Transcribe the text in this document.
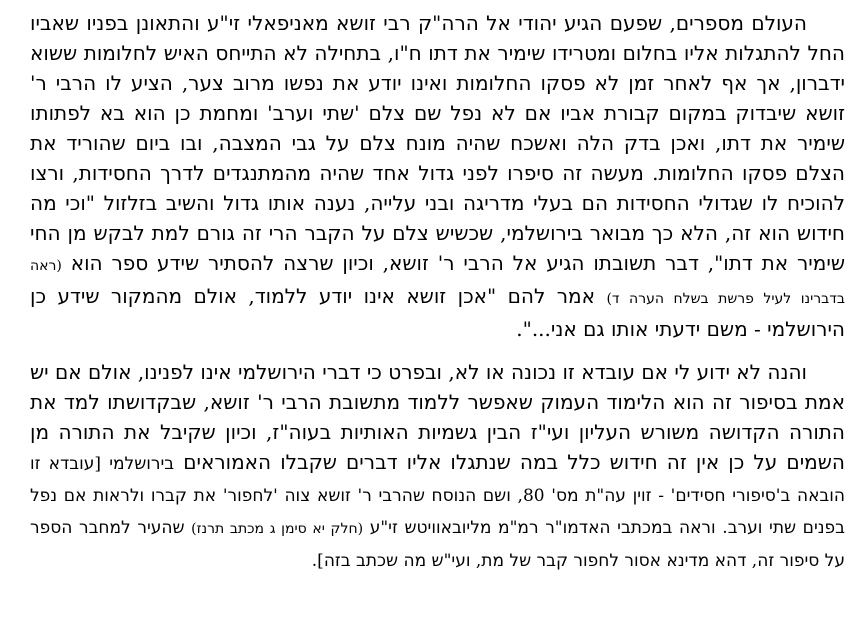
העולם מספרים, שפעם הגיע יהודי אל הרה"ק רבי זושא מאניפאלי זי"ע והתאונן בפניו שאביו החל להתגלות אליו בחלום ומטרידו שימיר את דתו ח"ו, בתחילה לא התייחס האיש לחלומות ששוא ידברון, אך אף לאחר זמן לא פסקו החלומות ואינו יודע את נפשו מרוב צער, הציע לו הרבי ר' זושא שיבדוק במקום קבורת אביו אם לא נפל שם צלם 'שתי וערב' ומחמת כן הוא בא לפתותו שימיר את דתו, ואכן בדק הלה ואשכח שהיה מונח צלם על גבי המצבה, ובו ביום שהוריד את הצלם פסקו החלומות. מעשה זה סיפרו לפני גדול אחד שהיה מהמתנגדים לדרך החסידות, ורצו להוכיח לו שגדולי החסידות הם בעלי מדריגה ובני עלייה, נענה אותו גדול והשיב בזלזול "וכי מה חידוש הוא זה, הלא כך מבואר בירושלמי, שכשיש צלם על הקבר הרי זה גורם למת לבקש מן החי שימיר את דתו", דבר תשובתו הגיע אל הרבי ר' זושא, וכיון שרצה להסתיר שידע ספר הוא (ראה בדברינו לעיל פרשת בשלח הערה ד) אמר להם "אכן זושא אינו יודע ללמוד, אולם מהמקור שידע כן הירושלמי - משם ידעתי אותו גם אני...".

והנה לא ידוע לי אם עובדא זו נכונה או לא, ובפרט כי דברי הירושלמי אינו לפנינו, אולם אם יש אמת בסיפור זה הוא הלימוד העמוק שאפשר ללמוד מתשובת הרבי ר' זושא, שבקדושתו למד את התורה הקדושה משורש העליון ועי"ז הבין גשמיות האותיות בעוה"ז, וכיון שקיבל את התורה מן השמים על כן אין זה חידוש כלל במה שנתגלו אליו דברים שקבלו האמוראים בירושלמי [עובדא זו הובאה ב'סיפורי חסידים' - זוין עה"ת מס' 80, ושם הנוסח שהרבי ר' זושא צוה 'לחפור' את קברו ולראות אם נפל בפנים שתי וערב. וראה במכתבי האדמו"ר רמ"מ מליובאוויטש זי"ע (חלק יא סימן ג מכתב תרנז) שהעיר למחבר הספר על סיפור זה, דהא מדינא אסור לחפור קבר של מת, ועי"ש מה שכתב בזה].
